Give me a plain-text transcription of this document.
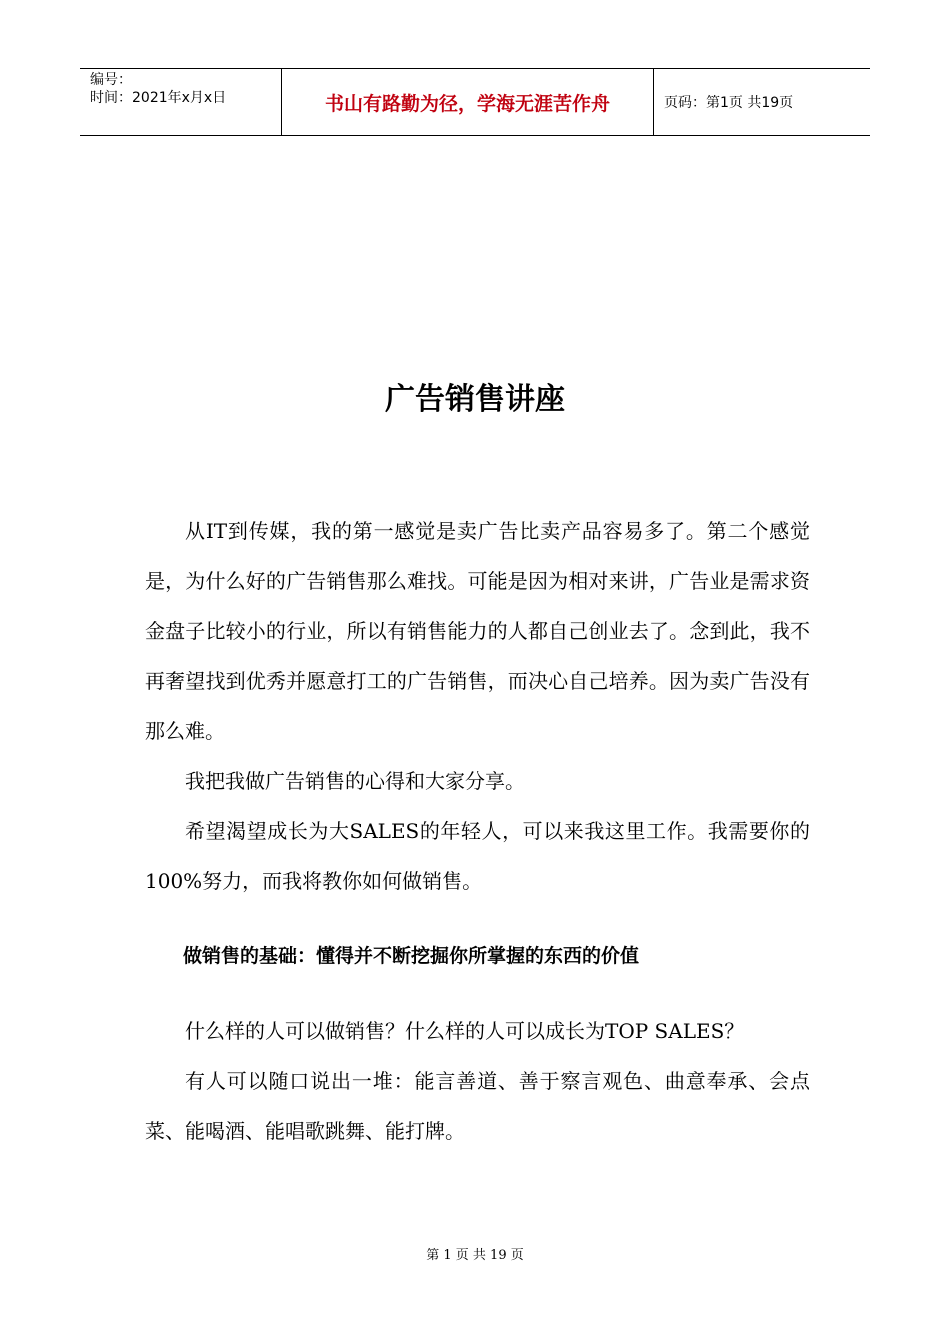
编号：
时间：2021年x月x日	书山有路勤为径，学海无涯苦作舟	页码：第1页 共19页
广告销售讲座

从IT到传媒，我的第一感觉是卖广告比卖产品容易多了。第二个感觉是，为什么好的广告销售那么难找。可能是因为相对来讲，广告业是需求资金盘子比较小的行业，所以有销售能力的人都自己创业去了。念到此，我不再奢望找到优秀并愿意打工的广告销售，而决心自己培养。因为卖广告没有那么难。

我把我做广告销售的心得和大家分享。

希望渴望成长为大SALES的年轻人，可以来我这里工作。我需要你的100%努力，而我将教你如何做销售。

做销售的基础：懂得并不断挖掘你所掌握的东西的价值

什么样的人可以做销售？什么样的人可以成长为TOP SALES？

有人可以随口说出一堆：能言善道、善于察言观色、曲意奉承、会点菜、能喝酒、能唱歌跳舞、能打牌。

第 1 页 共 19 页
